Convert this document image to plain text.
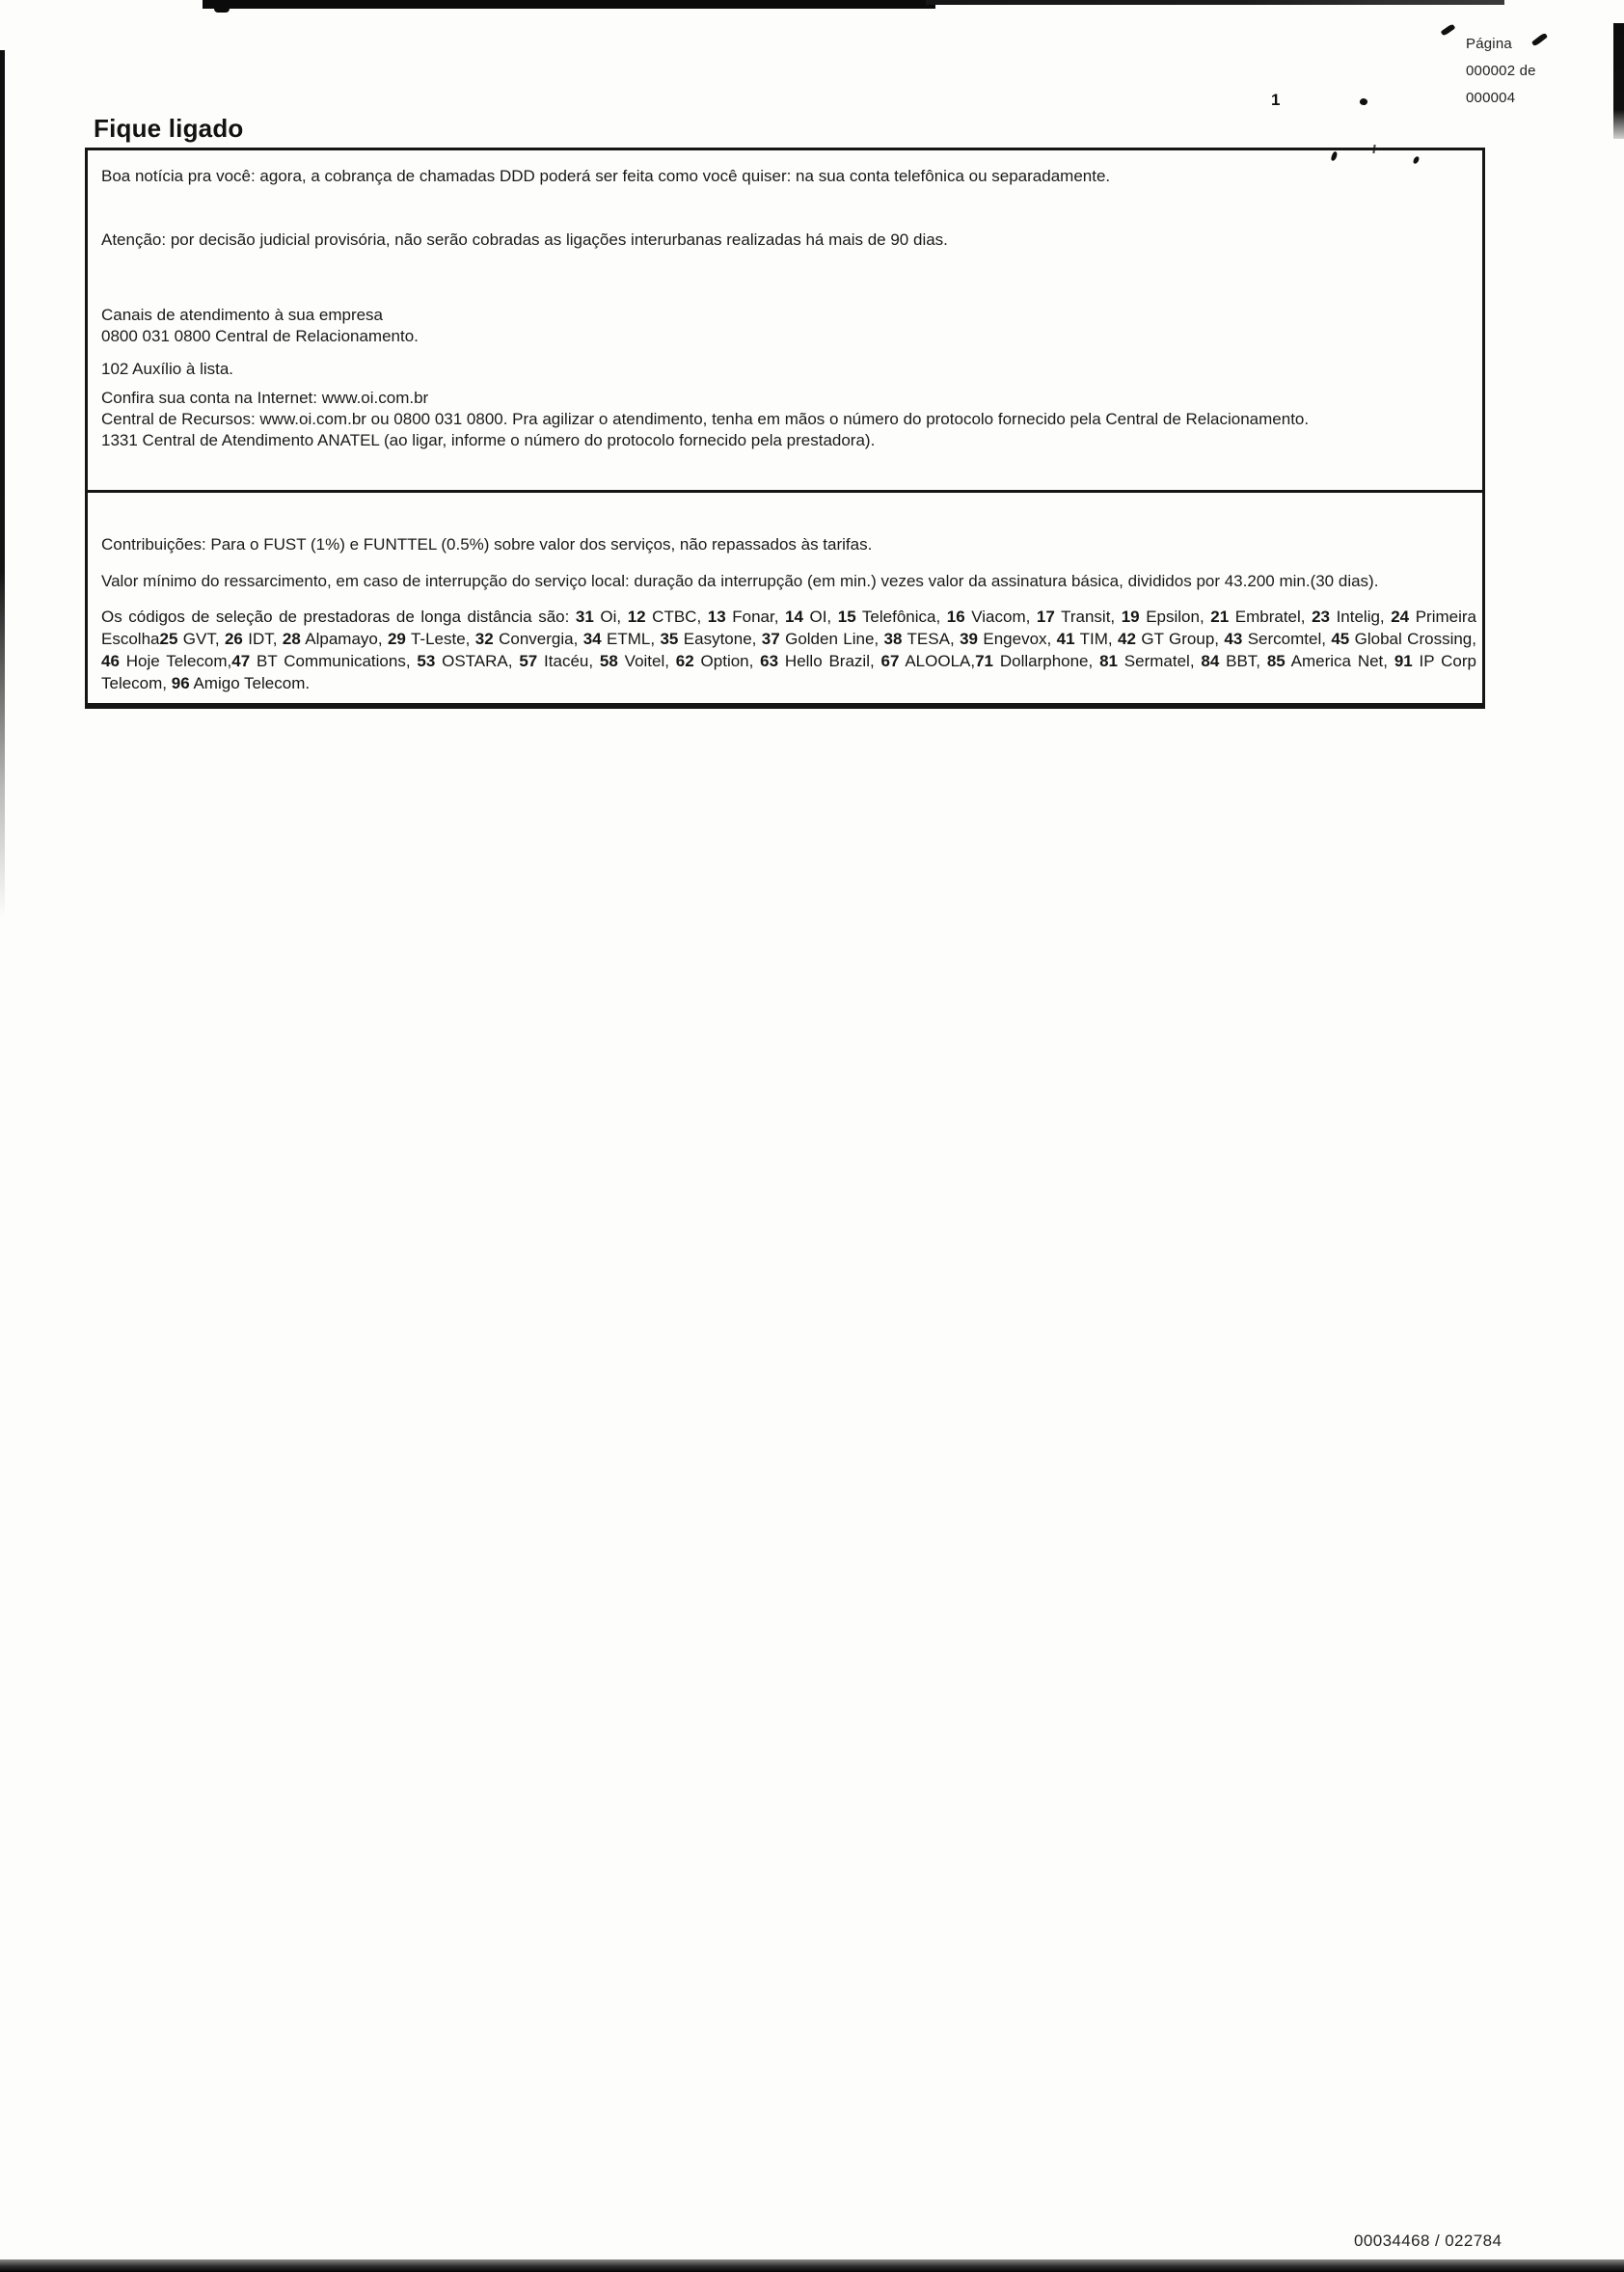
1
Página
000002 de
000004
Fique ligado
Boa notícia pra você: agora, a cobrança de chamadas DDD poderá ser feita como você quiser: na sua conta telefônica ou separadamente.
Atenção: por decisão judicial provisória, não serão cobradas as ligações interurbanas realizadas há mais de 90 dias.
Canais de atendimento à sua empresa
0800 031 0800 Central de Relacionamento.
102 Auxílio à lista.
Confira sua conta na Internet: www.oi.com.br
Central de Recursos: www.oi.com.br ou 0800 031 0800. Pra agilizar o atendimento, tenha em mãos o número do protocolo fornecido pela Central de Relacionamento.
1331 Central de Atendimento ANATEL (ao ligar, informe o número do protocolo fornecido pela prestadora).
Contribuições: Para o FUST (1%) e FUNTTEL (0.5%) sobre valor dos serviços, não repassados às tarifas.
Valor mínimo do ressarcimento, em caso de interrupção do serviço local: duração da interrupção (em min.) vezes valor da assinatura básica, divididos por 43.200 min.(30 dias).
Os códigos de seleção de prestadoras de longa distância são: 31 Oi, 12 CTBC, 13 Fonar, 14 OI, 15 Telefônica, 16 Viacom, 17 Transit, 19 Epsilon, 21 Embratel, 23 Intelig, 24 Primeira Escolha25 GVT, 26 IDT, 28 Alpamayo, 29 T-Leste, 32 Convergia, 34 ETML, 35 Easytone, 37 Golden Line, 38 TESA, 39 Engevox, 41 TIM, 42 GT Group, 43 Sercomtel, 45 Global Crossing, 46 Hoje Telecom,47 BT Communications, 53 OSTARA, 57 Itacéu, 58 Voitel, 62 Option, 63 Hello Brazil, 67 ALOOLA,71 Dollarphone, 81 Sermatel, 84 BBT, 85 America Net, 91 IP Corp Telecom, 96 Amigo Telecom.
00034468 / 022784
